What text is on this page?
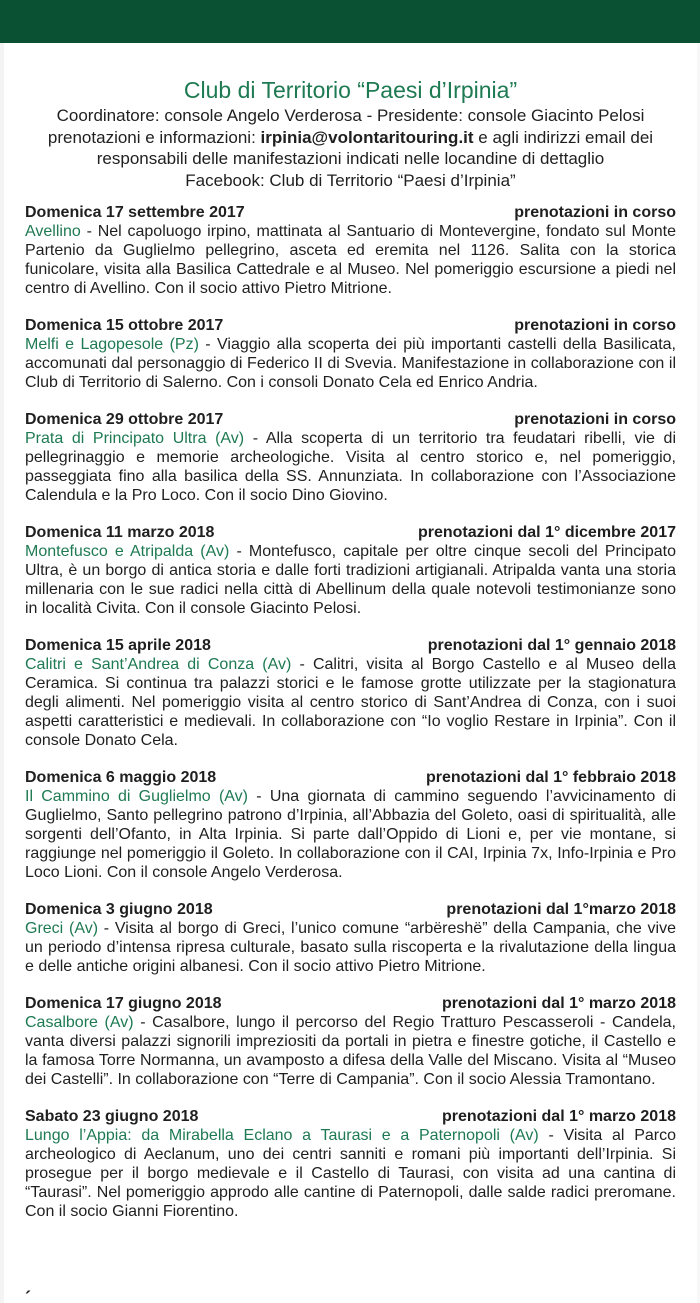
Club di Territorio “Paesi d’Irpinia”

Coordinatore: console Angelo Verderosa - Presidente: console Giacinto Pelosi
prenotazioni e informazioni: irpinia@volontaritouring.it e agli indirizzi email dei responsabili delle manifestazioni indicati nelle locandine di dettaglio
Facebook: Club di Territorio “Paesi d’Irpinia”

Domenica 17 settembre 2017	prenotazioni in corso

Avellino - Nel capoluogo irpino, mattinata al Santuario di Montevergine, fondato sul Monte Partenio da Guglielmo pellegrino, asceta ed eremita nel 1126. Salita con la storica funicolare, visita alla Basilica Cattedrale e al Museo. Nel pomeriggio escursione a piedi nel centro di Avellino. Con il socio attivo Pietro Mitrione.

Domenica 15 ottobre 2017	prenotazioni in corso

Melfi e Lagopesole (Pz) - Viaggio alla scoperta dei più importanti castelli della Basilicata, accomunati dal personaggio di Federico II di Svevia. Manifestazione in collaborazione con il Club di Territorio di Salerno. Con i consoli Donato Cela ed Enrico Andria.

Domenica 29 ottobre 2017	prenotazioni in corso

Prata di Principato Ultra (Av) - Alla scoperta di un territorio tra feudatari ribelli, vie di pellegrinaggio e memorie archeologiche. Visita al centro storico e, nel pomeriggio, passeggiata fino alla basilica della SS. Annunziata. In collaborazione con l’Associazione Calendula e la Pro Loco. Con il socio Dino Giovino.

Domenica 11 marzo 2018	prenotazioni dal 1° dicembre 2017

Montefusco e Atripalda (Av) - Montefusco, capitale per oltre cinque secoli del Principato Ultra, è un borgo di antica storia e dalle forti tradizioni artigianali. Atripalda vanta una storia millenaria con le sue radici nella città di Abellinum della quale notevoli testimonianze sono in località Civita. Con il console Giacinto Pelosi.

Domenica 15 aprile 2018	prenotazioni dal 1° gennaio 2018

Calitri e Sant’Andrea di Conza (Av) - Calitri, visita al Borgo Castello e al Museo della Ceramica. Si continua tra palazzi storici e le famose grotte utilizzate per la stagionatura degli alimenti. Nel pomeriggio visita al centro storico di Sant’Andrea di Conza, con i suoi aspetti caratteristici e medievali. In collaborazione con “Io voglio Restare in Irpinia”. Con il console Donato Cela.

Domenica 6 maggio 2018	prenotazioni dal 1° febbraio 2018

Il Cammino di Guglielmo (Av) - Una giornata di cammino seguendo l’avvicinamento di Guglielmo, Santo pellegrino patrono d’Irpinia, all’Abbazia del Goleto, oasi di spiritualità, alle sorgenti dell’Ofanto, in Alta Irpinia. Si parte dall’Oppido di Lioni e, per vie montane, si raggiunge nel pomeriggio il Goleto. In collaborazione con il CAI, Irpinia 7x, Info-Irpinia e Pro Loco Lioni. Con il console Angelo Verderosa.

Domenica 3 giugno 2018	prenotazioni dal 1°marzo 2018

Greci (Av) - Visita al borgo di Greci, l’unico comune “arbëreshë” della Campania, che vive un periodo d’intensa ripresa culturale, basato sulla riscoperta e la rivalutazione della lingua e delle antiche origini albanesi. Con il socio attivo Pietro Mitrione.

Domenica 17 giugno 2018	prenotazioni dal 1° marzo 2018

Casalbore (Av) - Casalbore, lungo il percorso del Regio Tratturo Pescasseroli - Candela, vanta diversi palazzi signorili impreziositi da portali in pietra e finestre gotiche, il Castello e la famosa Torre Normanna, un avamposto a difesa della Valle del Miscano. Visita al “Museo dei Castelli”. In collaborazione con “Terre di Campania”. Con il socio Alessia Tramontano.

Sabato 23 giugno 2018	prenotazioni dal 1° marzo 2018

Lungo l’Appia: da Mirabella Eclano a Taurasi e a Paternopoli (Av) - Visita al Parco archeologico di Aeclanum, uno dei centri sanniti e romani più importanti dell’Irpinia. Si prosegue per il borgo medievale e il Castello di Taurasi, con visita ad una cantina di “Taurasi”. Nel pomeriggio approdo alle cantine di Paternopoli, dalle salde radici preromane. Con il socio Gianni Fiorentino.

´
